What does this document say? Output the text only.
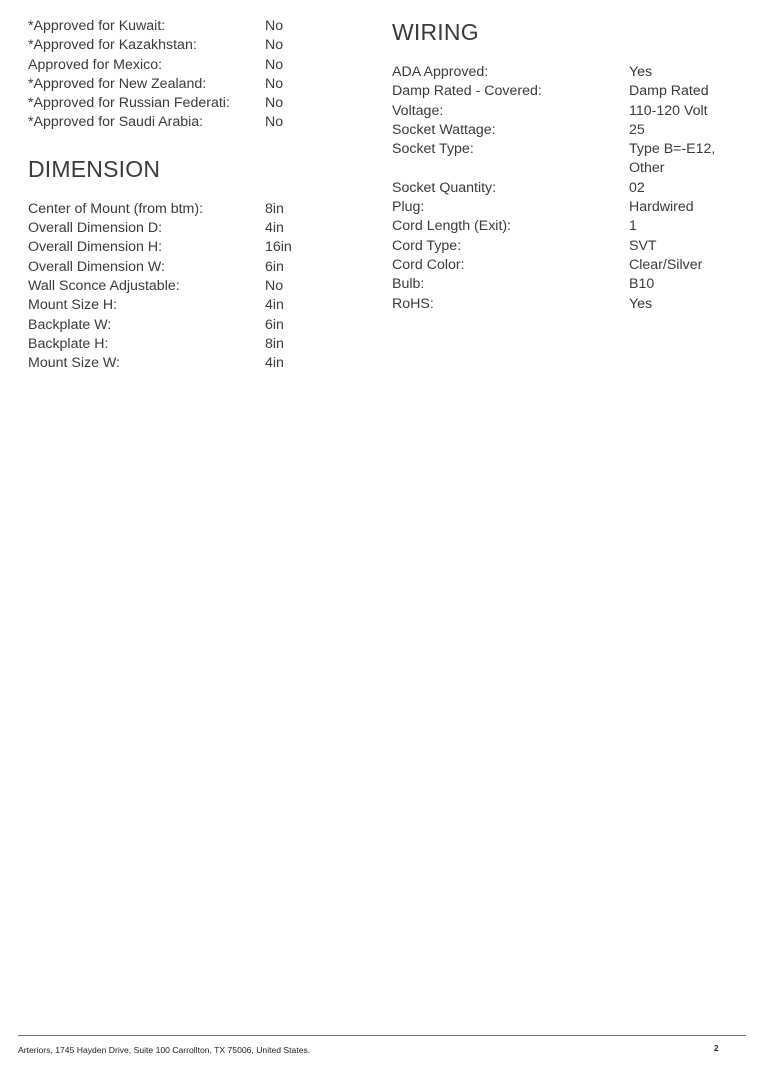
*Approved for Kuwait:	No
*Approved for Kazakhstan:	No
Approved for Mexico:	No
*Approved for New Zealand:	No
*Approved for Russian Federati: No
*Approved for Saudi Arabia:	No
DIMENSION
Center of Mount (from btm):	8in
Overall Dimension D:	4in
Overall Dimension H:	16in
Overall Dimension W:	6in
Wall Sconce Adjustable:	No
Mount Size H:	4in
Backplate W:	6in
Backplate H:	8in
Mount Size W:	4in
WIRING
ADA Approved:	Yes
Damp Rated - Covered:	Damp Rated
Voltage:	110-120 Volt
Socket Wattage:	25
Socket Type:	Type B=-E12, Other
Socket Quantity:	02
Plug:	Hardwired
Cord Length (Exit):	1
Cord Type:	SVT
Cord Color:	Clear/Silver
Bulb:	B10
RoHS:	Yes
Arteriors, 1745 Hayden Drive, Suite 100 Carrollton, TX 75006, United States.	2
